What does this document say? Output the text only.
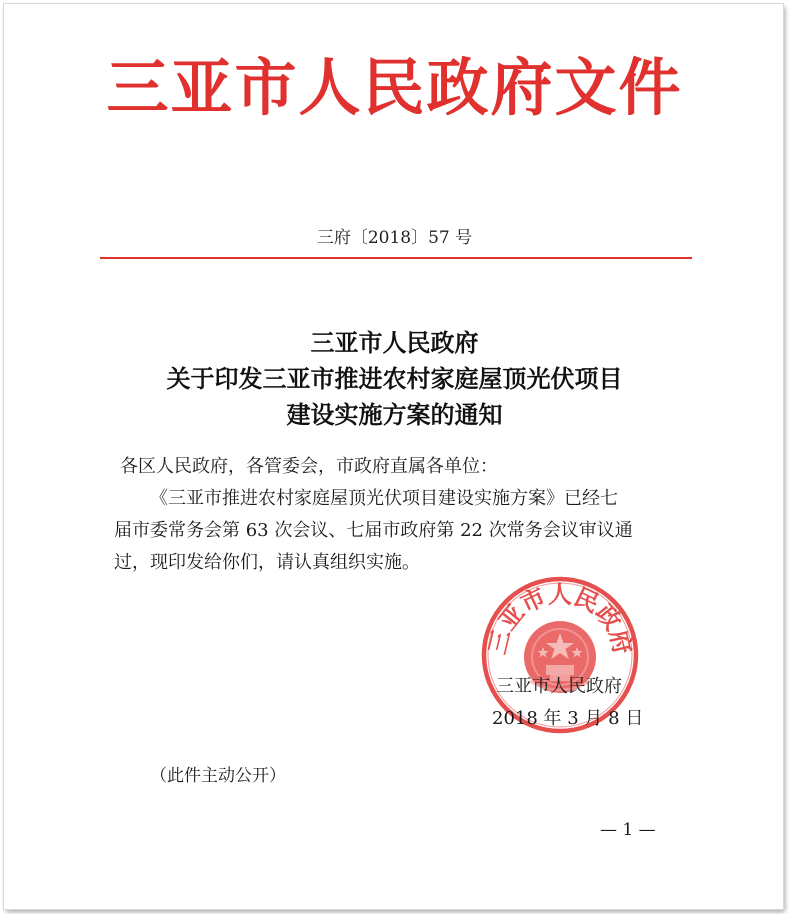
三亚市人民政府文件
三府〔2018〕57 号
三亚市人民政府
关于印发三亚市推进农村家庭屋顶光伏项目
建设实施方案的通知
各区人民政府，各管委会，市政府直属各单位：
《三亚市推进农村家庭屋顶光伏项目建设实施方案》已经七
届市委常务会第 63 次会议、七届市政府第 22 次常务会议审议通
过，现印发给你们，请认真组织实施。
三亚市人民政府
三亚市人民政府
2018 年 3 月 8 日
（此件主动公开）
— 1 —
